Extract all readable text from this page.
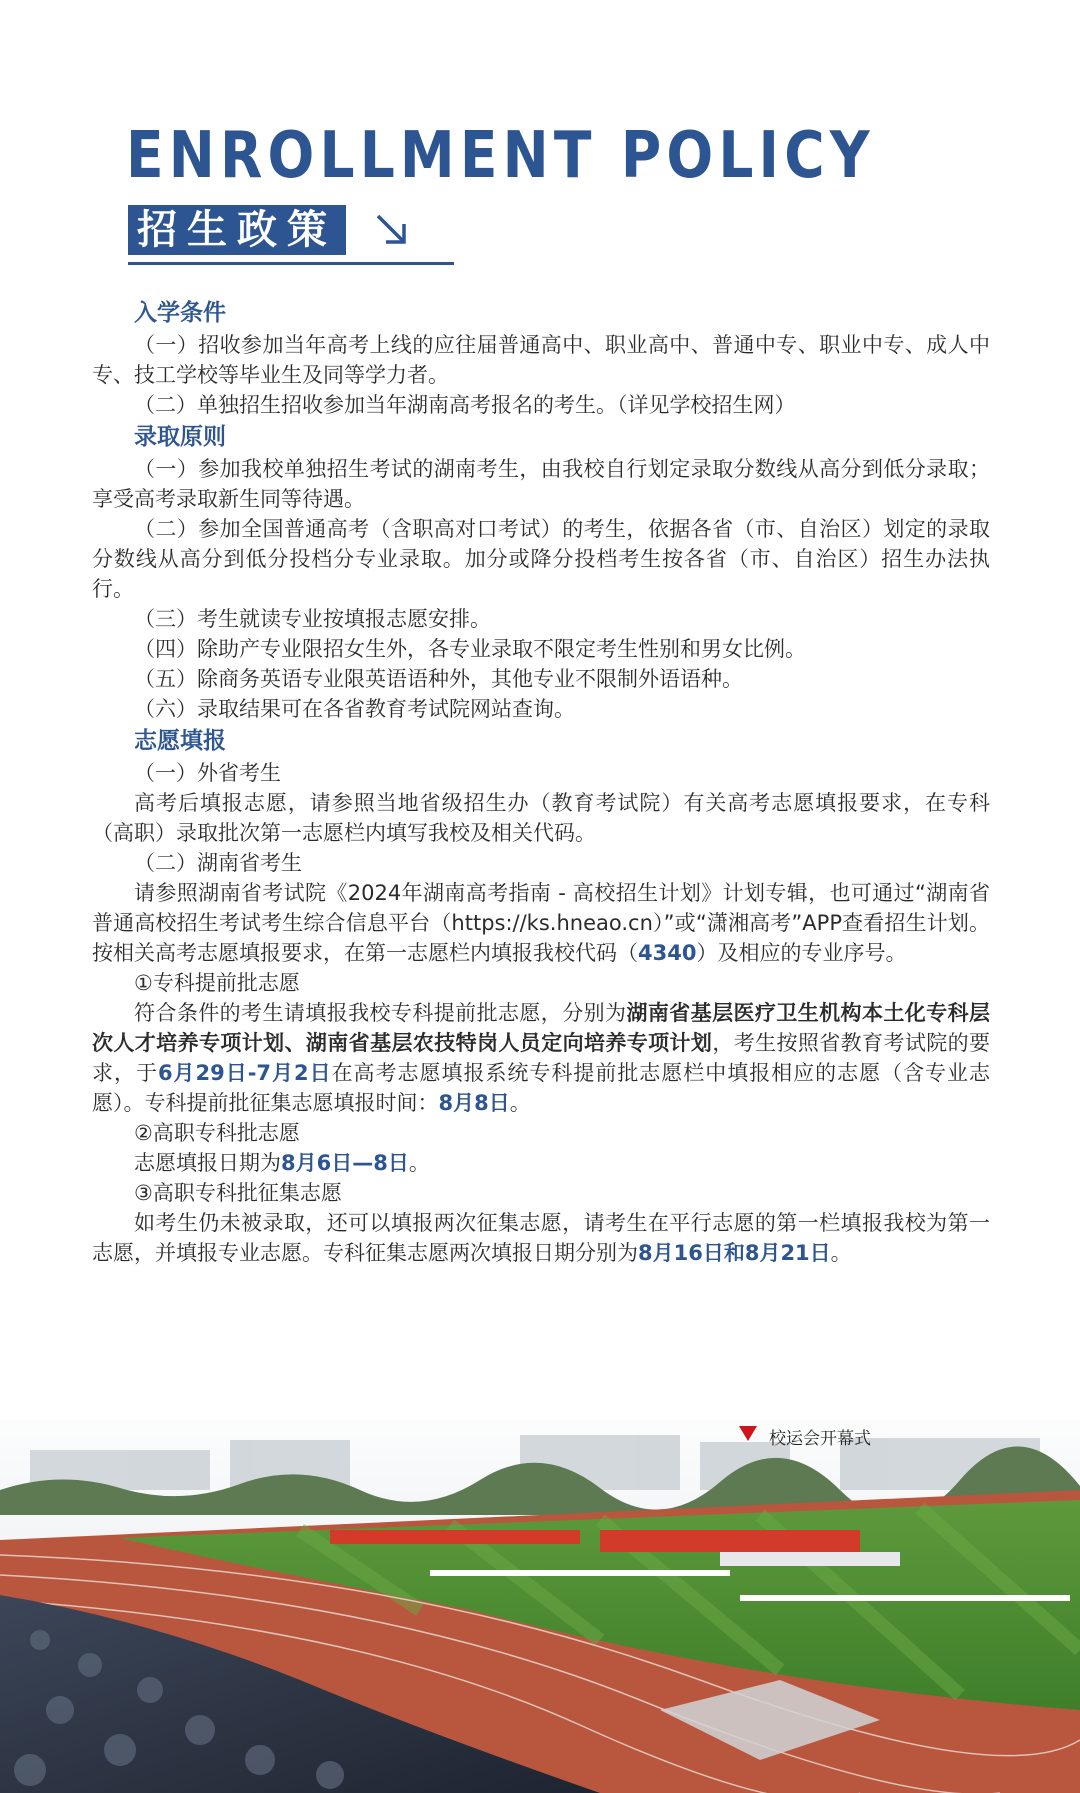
ENROLLMENT POLICY
招生政策

入学条件

（一）招收参加当年高考上线的应往届普通高中、职业高中、普通中专、职业中专、成人中专、技工学校等毕业生及同等学力者。

（二）单独招生招收参加当年湖南高考报名的考生。（详见学校招生网）

录取原则

（一）参加我校单独招生考试的湖南考生，由我校自行划定录取分数线从高分到低分录取；享受高考录取新生同等待遇。

（二）参加全国普通高考（含职高对口考试）的考生，依据各省（市、自治区）划定的录取分数线从高分到低分投档分专业录取。加分或降分投档考生按各省（市、自治区）招生办法执行。

（三）考生就读专业按填报志愿安排。

（四）除助产专业限招女生外，各专业录取不限定考生性别和男女比例。

（五）除商务英语专业限英语语种外，其他专业不限制外语语种。

（六）录取结果可在各省教育考试院网站查询。

志愿填报

（一）外省考生

高考后填报志愿，请参照当地省级招生办（教育考试院）有关高考志愿填报要求，在专科（高职）录取批次第一志愿栏内填写我校及相关代码。

（二）湖南省考生

请参照湖南省考试院《2024年湖南高考指南 - 高校招生计划》计划专辑，也可通过“湖南省普通高校招生考试考生综合信息平台（https://ks.hneao.cn）”或“潇湘高考”APP查看招生计划。按相关高考志愿填报要求，在第一志愿栏内填报我校代码（4340）及相应的专业序号。

①专科提前批志愿

符合条件的考生请填报我校专科提前批志愿，分别为湖南省基层医疗卫生机构本土化专科层次人才培养专项计划、湖南省基层农技特岗人员定向培养专项计划，考生按照省教育考试院的要求，于6月29日-7月2日在高考志愿填报系统专科提前批志愿栏中填报相应的志愿（含专业志愿）。专科提前批征集志愿填报时间：8月8日。

②高职专科批志愿

志愿填报日期为8月6日—8日。

③高职专科批征集志愿

如考生仍未被录取，还可以填报两次征集志愿，请考生在平行志愿的第一栏填报我校为第一志愿，并填报专业志愿。专科征集志愿两次填报日期分别为8月16日和8月21日。

校运会开幕式
